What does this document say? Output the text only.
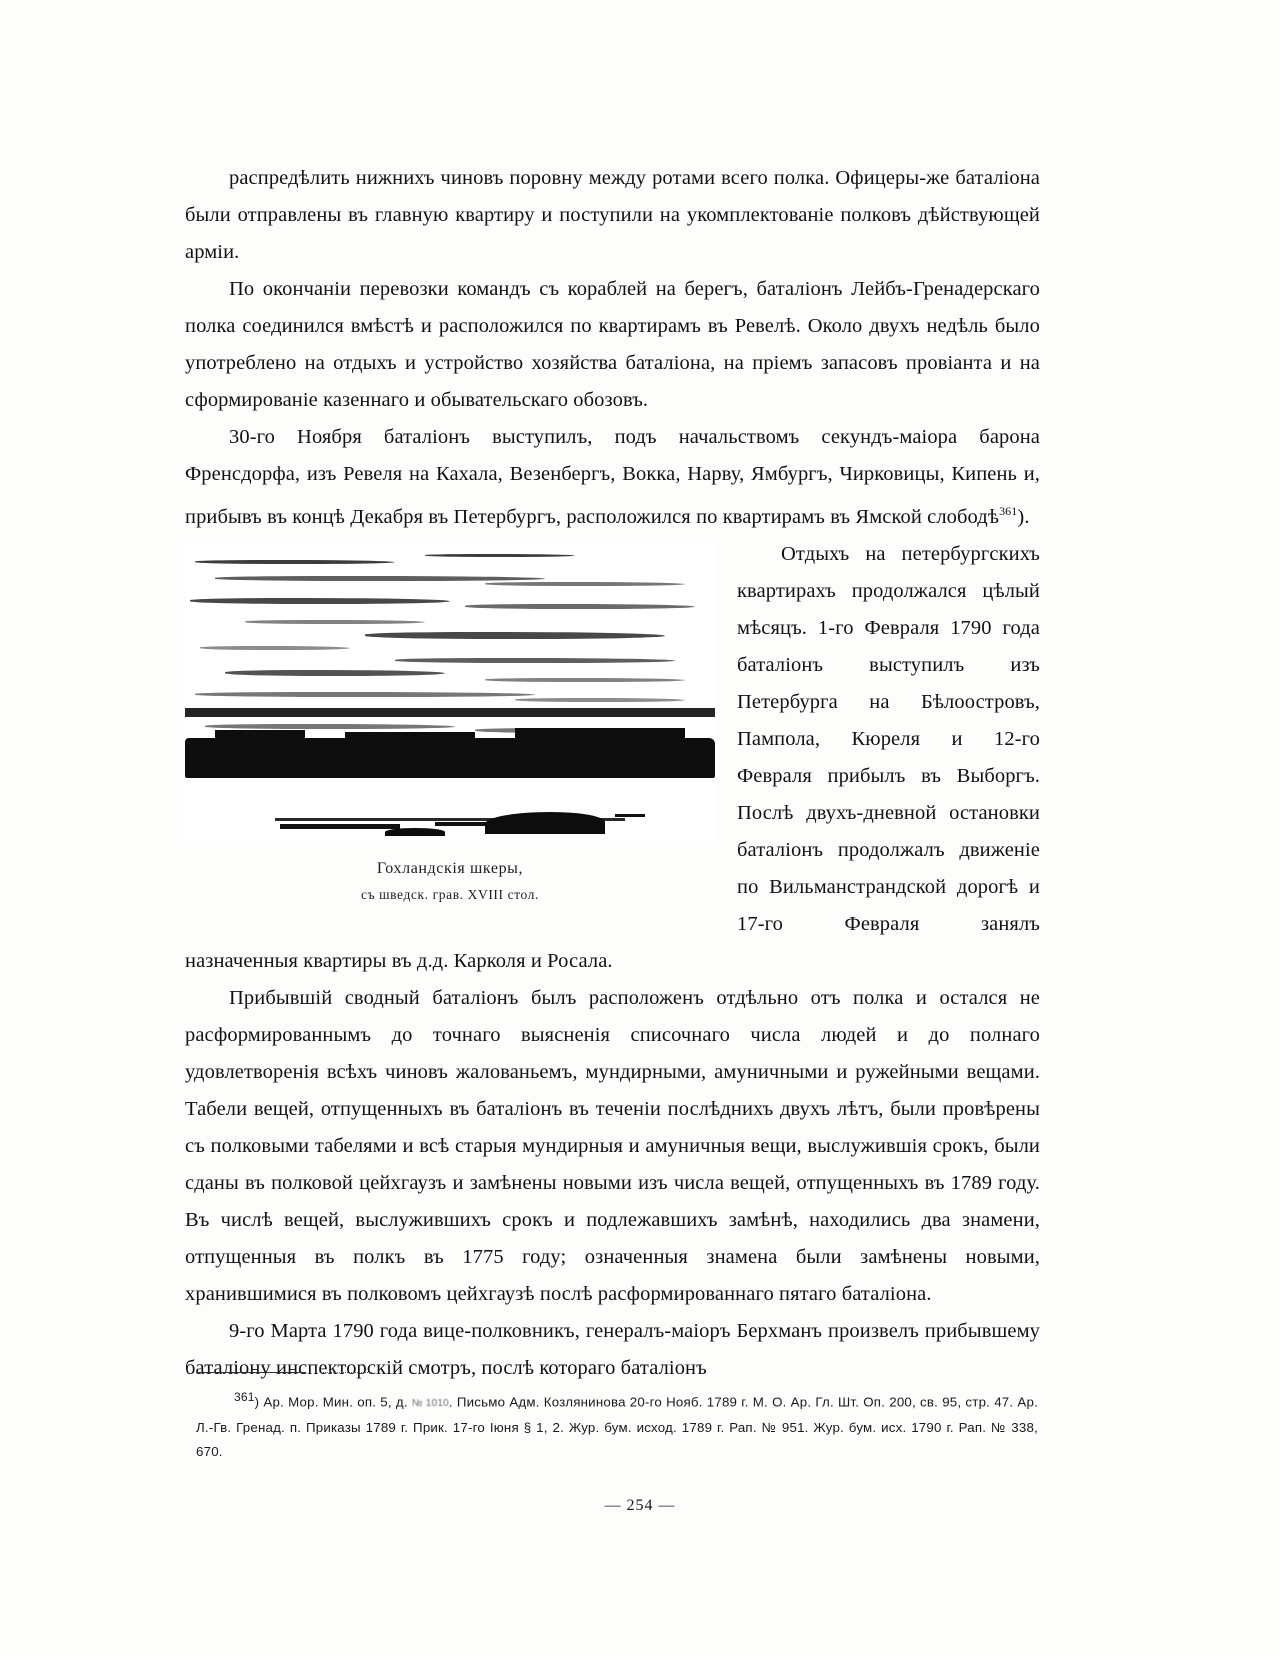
распредѣлить нижнихъ чиновъ поровну между ротами всего полка. Офицеры-же баталiона были отправлены въ главную квартиру и поступили на укомплектованiе полковъ дѣйствующей армiи.

По окончанiи перевозки командъ съ кораблей на берегъ, баталiонъ Лейбъ-Гренадерскаго полка соединился вмѣстѣ и расположился по квартирамъ въ Ревелѣ. Около двухъ недѣль было употреблено на отдыхъ и устройство хозяйства баталiона, на прiемъ запасовъ провiанта и на сформированiе казеннаго и обывательскаго обозовъ.

30-го Ноября баталiонъ выступилъ, подъ начальствомъ секундъ-маiора барона Френсдорфа, изъ Ревеля на Кахала, Везенбергъ, Вокка, Нарву, Ямбургъ, Чирковицы, Кипень и, прибывъ въ концѣ Декабря въ Петербургъ, расположился по квартирамъ въ Ямской слободѣ$^{361}$).

Гохландскiя шкеры,
съ шведск. грав. XVIII стол.

Отдыхъ на петербургскихъ квартирахъ продолжался цѣлый мѣсяцъ. 1-го Февраля 1790 года баталiонъ выступилъ изъ Петербурга на Бѣлоостровъ, Пампола, Кюреля и 12-го Февраля прибылъ въ Выборгъ. Послѣ двухъ-дневной остановки баталiонъ продолжалъ движенiе по Вильманстрандской дорогѣ и 17-го Февраля занялъ назначенныя квартиры въ д.д. Карколя и Росала.

Прибывшiй сводный баталiонъ былъ расположенъ отдѣльно отъ полка и остался не расформированнымъ до точнаго выясненiя списочнаго числа людей и до полнаго удовлетворенiя всѣхъ чиновъ жалованьемъ, мундирными, амуничными и ружейными вещами. Табели вещей, отпущенныхъ въ баталiонъ въ теченiи послѣднихъ двухъ лѣтъ, были провѣрены съ полковыми табелями и всѣ старыя мундирныя и амуничныя вещи, выслужившiя срокъ, были сданы въ полковой цейхгаузъ и замѣнены новыми изъ числа вещей, отпущенныхъ въ 1789 году. Въ числѣ вещей, выслужившихъ срокъ и подлежавшихъ замѣнѣ, находились два знамени, отпущенныя въ полкъ въ 1775 году; означенныя знамена были замѣнены новыми, хранившимися въ полковомъ цейхгаузѣ послѣ расформированнаго пятаго баталiона.

9-го Марта 1790 года вице-полковникъ, генералъ-маiоръ Берхманъ произвелъ прибывшему баталiону инспекторскiй смотръ, послѣ котораго баталiонъ

361) Ар. Мор. Мин. оп. 5, д. № 1010. Письмо Адм. Козлянинова 20-го Нояб. 1789 г. М. О. Ар. Гл. Шт. Оп. 200, св. 95, стр. 47. Ар. Л.-Гв. Гренад. п. Приказы 1789 г. Прик. 17-го Iюня § 1, 2. Жур. бум. исход. 1789 г. Рап. № 951. Жур. бум. исх. 1790 г. Рап. № 338, 670.
— 254 —
